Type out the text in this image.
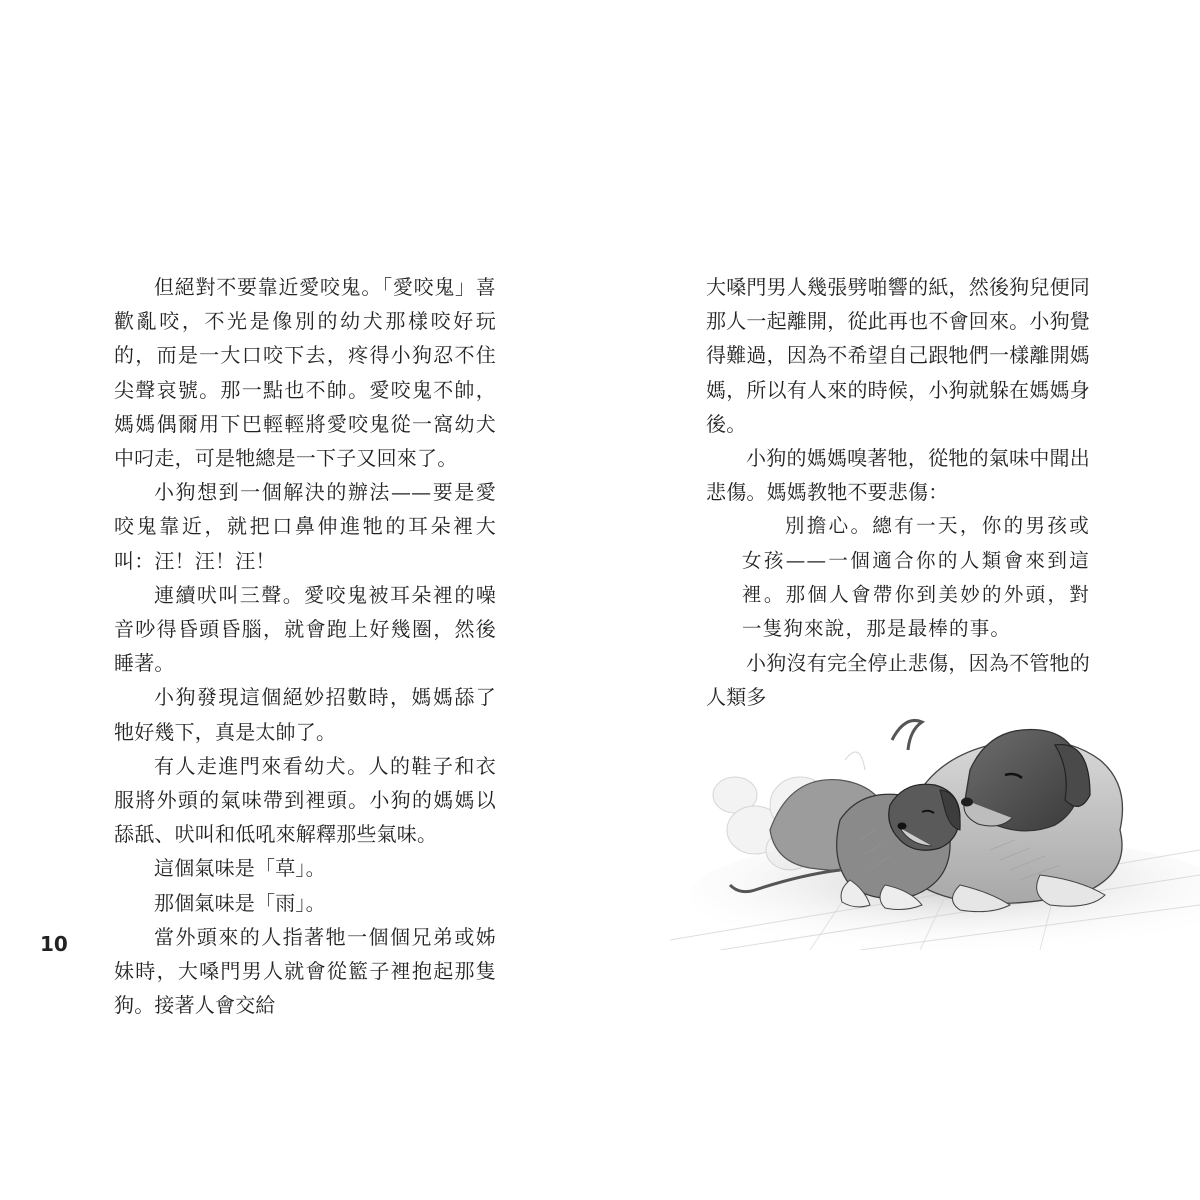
但絕對不要靠近愛咬鬼。「愛咬鬼」喜歡亂咬，不光是像別的幼犬那樣咬好玩的，而是一大口咬下去，疼得小狗忍不住尖聲哀號。那一點也不帥。愛咬鬼不帥，媽媽偶爾用下巴輕輕將愛咬鬼從一窩幼犬中叼走，可是牠總是一下子又回來了。

小狗想到一個解決的辦法——要是愛咬鬼靠近，就把口鼻伸進牠的耳朵裡大叫：汪！汪！汪！

連續吠叫三聲。愛咬鬼被耳朵裡的噪音吵得昏頭昏腦，就會跑上好幾圈，然後睡著。

小狗發現這個絕妙招數時，媽媽舔了牠好幾下，真是太帥了。

有人走進門來看幼犬。人的鞋子和衣服將外頭的氣味帶到裡頭。小狗的媽媽以舔舐、吠叫和低吼來解釋那些氣味。

這個氣味是「草」。

那個氣味是「雨」。

當外頭來的人指著牠一個個兄弟或姊妹時，大嗓門男人就會從籃子裡抱起那隻狗。接著人會交給

10

大嗓門男人幾張劈啪響的紙，然後狗兒便同那人一起離開，從此再也不會回來。小狗覺得難過，因為不希望自己跟牠們一樣離開媽媽，所以有人來的時候，小狗就躲在媽媽身後。

小狗的媽媽嗅著牠，從牠的氣味中聞出悲傷。媽媽教牠不要悲傷：

別擔心。總有一天，你的男孩或女孩——一個適合你的人類會來到這裡。那個人會帶你到美妙的外頭，對一隻狗來說，那是最棒的事。

小狗沒有完全停止悲傷，因為不管牠的人類多
